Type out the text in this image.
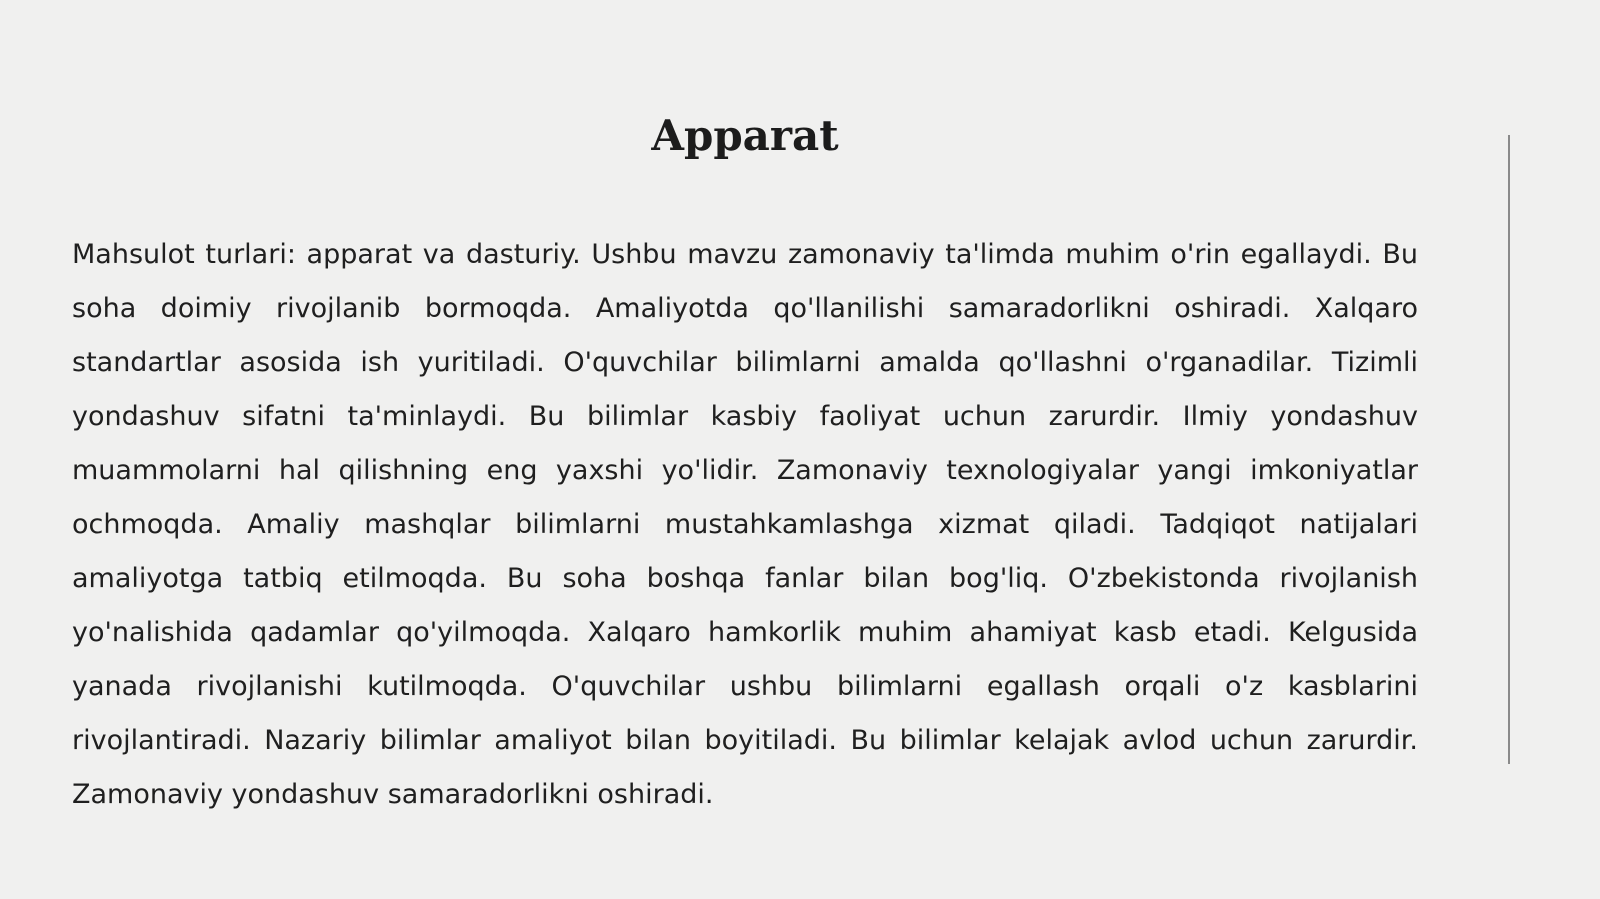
Apparat

Mahsulot turlari: apparat va dasturiy. Ushbu mavzu zamonaviy ta'limda muhim o'rin egallaydi. Bu soha doimiy rivojlanib bormoqda. Amaliyotda qo'llanilishi samaradorlikni oshiradi. Xalqaro standartlar asosida ish yuritiladi. O'quvchilar bilimlarni amalda qo'llashni o'rganadilar. Tizimli yondashuv sifatni ta'minlaydi. Bu bilimlar kasbiy faoliyat uchun zarurdir. Ilmiy yondashuv muammolarni hal qilishning eng yaxshi yo'lidir. Zamonaviy texnologiyalar yangi imkoniyatlar ochmoqda. Amaliy mashqlar bilimlarni mustahkamlashga xizmat qiladi. Tadqiqot natijalari amaliyotga tatbiq etilmoqda. Bu soha boshqa fanlar bilan bog'liq. O'zbekistonda rivojlanish yo'nalishida qadamlar qo'yilmoqda. Xalqaro hamkorlik muhim ahamiyat kasb etadi. Kelgusida yanada rivojlanishi kutilmoqda. O'quvchilar ushbu bilimlarni egallash orqali o'z kasblarini rivojlantiradi. Nazariy bilimlar amaliyot bilan boyitiladi. Bu bilimlar kelajak avlod uchun zarurdir. Zamonaviy yondashuv samaradorlikni oshiradi.
